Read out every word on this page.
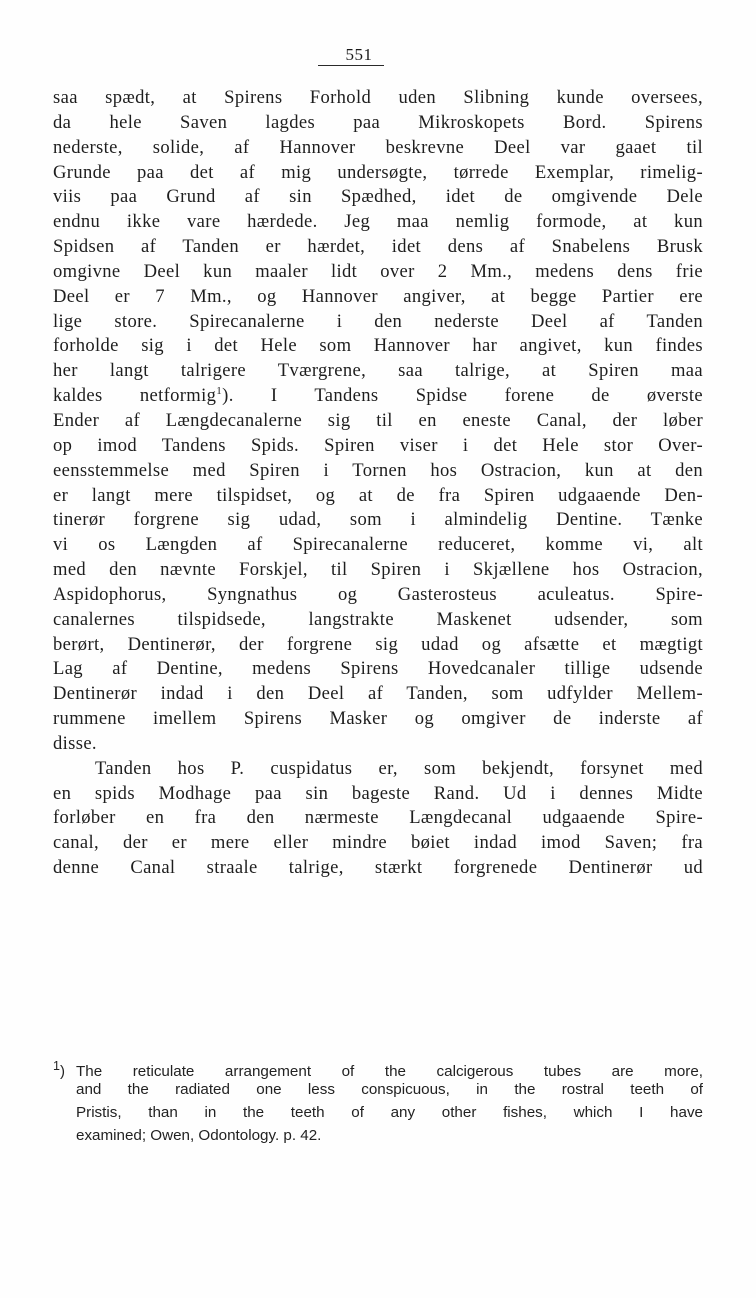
551
saa spædt, at Spirens Forhold uden Slibning kunde oversees,
da hele Saven lagdes paa Mikroskopets Bord. Spirens
nederste, solide, af Hannover beskrevne Deel var gaaet til
Grunde paa det af mig undersøgte, tørrede Exemplar, rimelig-
viis paa Grund af sin Spædhed, idet de omgivende Dele
endnu ikke vare hærdede. Jeg maa nemlig formode, at kun
Spidsen af Tanden er hærdet, idet dens af Snabelens Brusk
omgivne Deel kun maaler lidt over 2 Mm., medens dens frie
Deel er 7 Mm., og Hannover angiver, at begge Partier ere
lige store. Spirecanalerne i den nederste Deel af Tanden
forholde sig i det Hele som Hannover har angivet, kun findes
her langt talrigere Tværgrene, saa talrige, at Spiren maa
kaldes netformig$^1$). I Tandens Spidse forene de øverste
Ender af Længdecanalerne sig til en eneste Canal, der løber
op imod Tandens Spids. Spiren viser i det Hele stor Over-
eensstemmelse med Spiren i Tornen hos Ostracion, kun at den
er langt mere tilspidset, og at de fra Spiren udgaaende Den-
tinerør forgrene sig udad, som i almindelig Dentine. Tænke
vi os Længden af Spirecanalerne reduceret, komme vi, alt
med den nævnte Forskjel, til Spiren i Skjællene hos Ostracion,
Aspidophorus, Syngnathus og Gasterosteus aculeatus. Spire-
canalernes tilspidsede, langstrakte Maskenet udsender, som
berørt, Dentinerør, der forgrene sig udad og afsætte et mægtigt
Lag af Dentine, medens Spirens Hovedcanaler tillige udsende
Dentinerør indad i den Deel af Tanden, som udfylder Mellem-
rummene imellem Spirens Masker og omgiver de inderste af
disse.
Tanden hos P. cuspidatus er, som bekjendt, forsynet med
en spids Modhage paa sin bageste Rand. Ud i dennes Midte
forløber en fra den nærmeste Længdecanal udgaaende Spire-
canal, der er mere eller mindre bøiet indad imod Saven; fra
denne Canal straale talrige, stærkt forgrenede Dentinerør ud
$^1$) The reticulate arrangement of the calcigerous tubes are more,
and the radiated one less conspicuous, in the rostral teeth of
Pristis, than in the teeth of any other fishes, which I have
examined; Owen, Odontology. p. 42.
